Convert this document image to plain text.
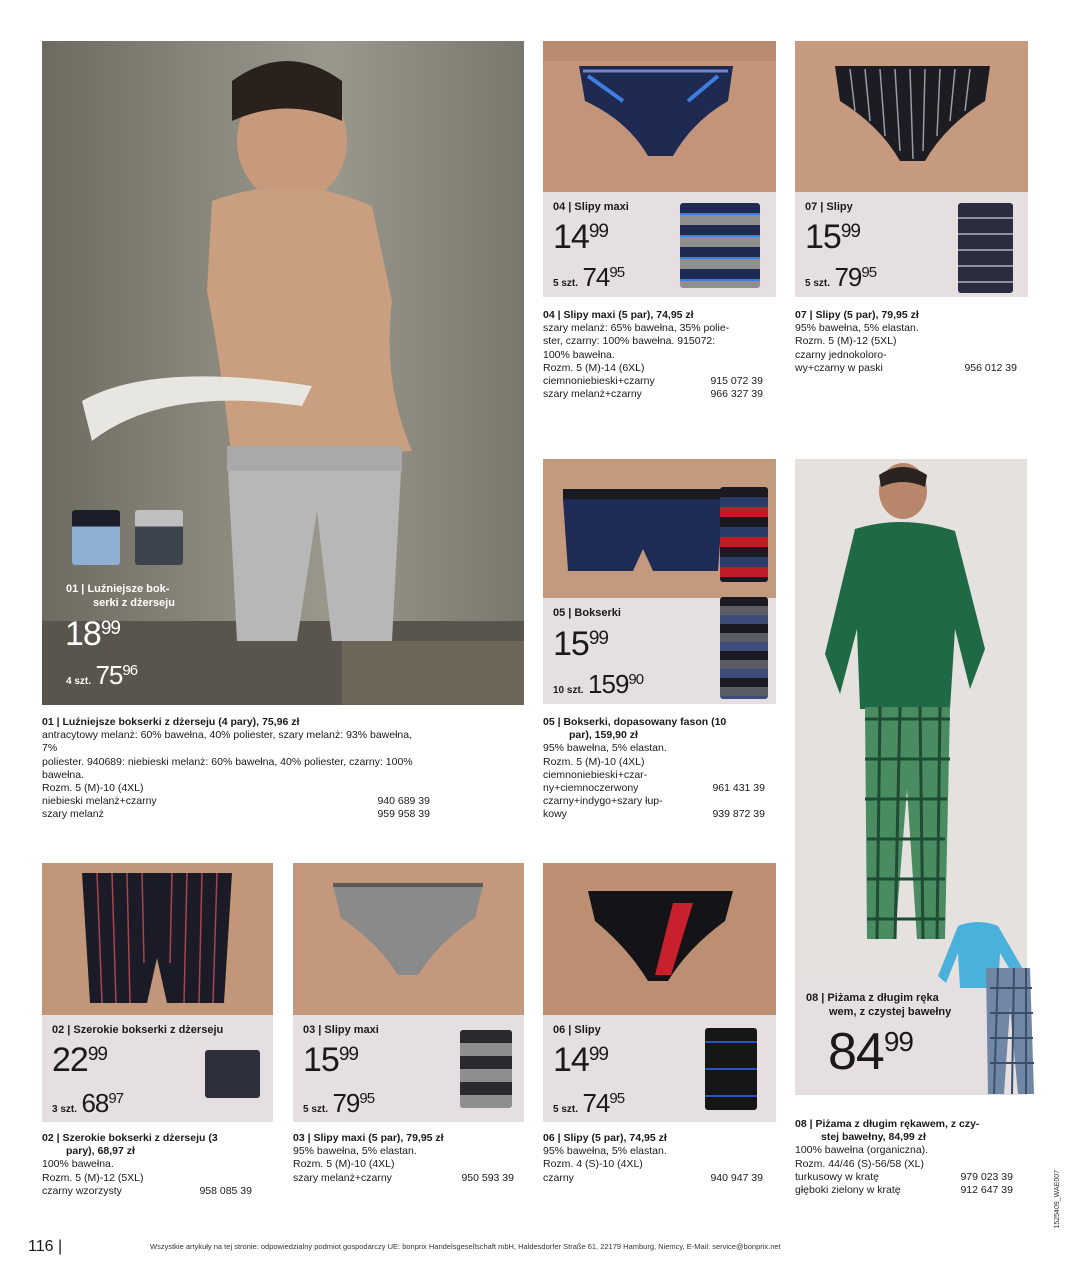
01 | Luźniejsze bok-
serki z dżerseju
$18^{99}$
4 szt. $75^{96}$
01 | Luźniejsze bokserki z dżerseju (4 pary), 75,96 zł
antracytowy melanż: 60% bawełna, 40% poliester, szary melanż: 93% bawełna, 7%
poliester. 940689: niebieski melanż: 60% bawełna, 40% poliester, czarny: 100%
bawełna.
Rozm. 5 (M)-10 (4XL)
niebieski melanż+czarny	940 689 39
szary melanż	959 958 39
04 | Slipy maxi
$14^{99}$
5 szt. $74^{95}$
04 | Slipy maxi (5 par), 74,95 zł
szary melanż: 65% bawełna, 35% polie-
ster, czarny: 100% bawełna. 915072:
100% bawełna.
Rozm. 5 (M)-14 (6XL)
ciemnoniebieski+czarny	915 072 39
szary melanż+czarny	966 327 39
07 | Slipy
$15^{99}$
5 szt. $79^{95}$
07 | Slipy (5 par), 79,95 zł
95% bawełna, 5% elastan.
Rozm. 5 (M)-12 (5XL)
czarny jednokoloro-
wy+czarny w paski	956 012 39
05 | Bokserki
$15^{99}$
10 szt. $159^{90}$
05 | Bokserki, dopasowany fason (10
par), 159,90 zł
95% bawełna, 5% elastan.
Rozm. 5 (M)-10 (4XL)
ciemnoniebieski+czar-
ny+ciemnoczerwony	961 431 39
czarny+indygo+szary łup-
kowy	939 872 39
08 | Piżama z długim ręka
wem, z czystej bawełny
$84^{99}$
08 | Piżama z długim rękawem, z czy-
stej bawełny, 84,99 zł
100% bawełna (organiczna).
Rozm. 44/46 (S)-56/58 (XL)
turkusowy w kratę	979 023 39
głęboki zielony w kratę	912 647 39
02 | Szerokie bokserki z dżerseju
$22^{99}$
3 szt. $68^{97}$
02 | Szerokie bokserki z dżerseju (3
pary), 68,97 zł
100% bawełna.
Rozm. 5 (M)-12 (5XL)
czarny wzorzysty	958 085 39
03 | Slipy maxi
$15^{99}$
5 szt. $79^{95}$
03 | Slipy maxi (5 par), 79,95 zł
95% bawełna, 5% elastan.
Rozm. 5 (M)-10 (4XL)
szary melanż+czarny	950 593 39
06 | Slipy
$14^{99}$
5 szt. $74^{95}$
06 | Slipy (5 par), 74,95 zł
95% bawełna, 5% elastan.
Rozm. 4 (S)-10 (4XL)
czarny	940 947 39
116 |	Wszystkie artykuły na tej stronie: odpowiedzialny podmiot gospodarczy UE: bonprix Handelsgesellschaft mbH, Haldesdorfer Straße 61, 22179 Hamburg, Niemcy, E-Mail: service@bonprix.net
1525409_WAE007
